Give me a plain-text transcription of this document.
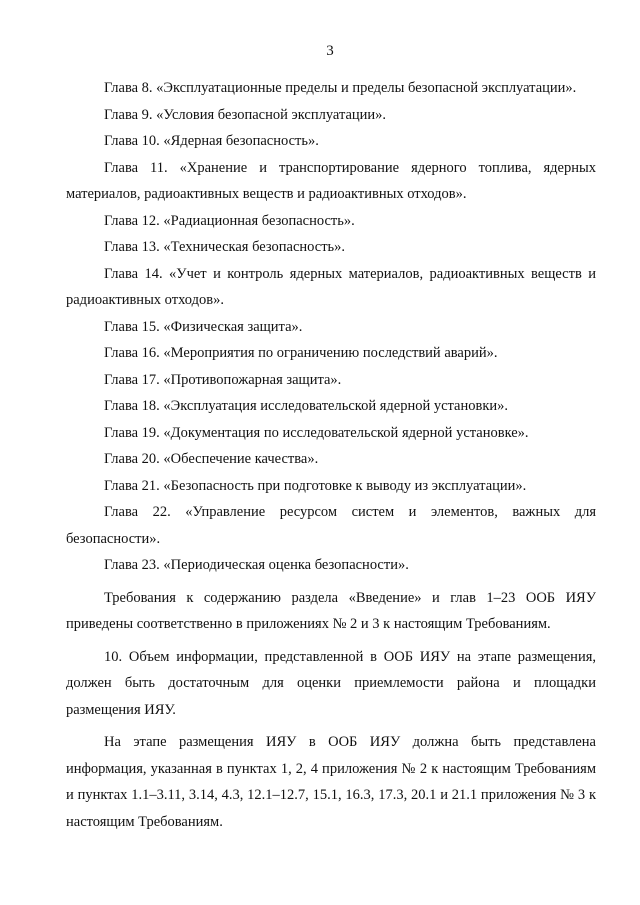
3

Глава 8. «Эксплуатационные пределы и пределы безопасной эксплуатации».

Глава 9. «Условия безопасной эксплуатации».

Глава 10. «Ядерная безопасность».

Глава 11. «Хранение и транспортирование ядерного топлива, ядерных материалов, радиоактивных веществ и радиоактивных отходов».

Глава 12. «Радиационная безопасность».

Глава 13. «Техническая безопасность».

Глава 14. «Учет и контроль ядерных материалов, радиоактивных веществ и радиоактивных отходов».

Глава 15. «Физическая защита».

Глава 16. «Мероприятия по ограничению последствий аварий».

Глава 17. «Противопожарная защита».

Глава 18. «Эксплуатация исследовательской ядерной установки».

Глава 19. «Документация по исследовательской ядерной установке».

Глава 20. «Обеспечение качества».

Глава 21. «Безопасность при подготовке к выводу из эксплуатации».

Глава 22. «Управление ресурсом систем и элементов, важных для безопасности».

Глава 23. «Периодическая оценка безопасности».

Требования к содержанию раздела «Введение» и глав 1–23 ООБ ИЯУ приведены соответственно в приложениях № 2 и 3 к настоящим Требованиям.

10. Объем информации, представленной в ООБ ИЯУ на этапе размещения, должен быть достаточным для оценки приемлемости района и площадки размещения ИЯУ.

На этапе размещения ИЯУ в ООБ ИЯУ должна быть представлена информация, указанная в пунктах 1, 2, 4 приложения № 2 к настоящим Требованиям и пунктах 1.1–3.11, 3.14, 4.3, 12.1–12.7, 15.1, 16.3, 17.3, 20.1 и 21.1 приложения № 3 к настоящим Требованиям.
